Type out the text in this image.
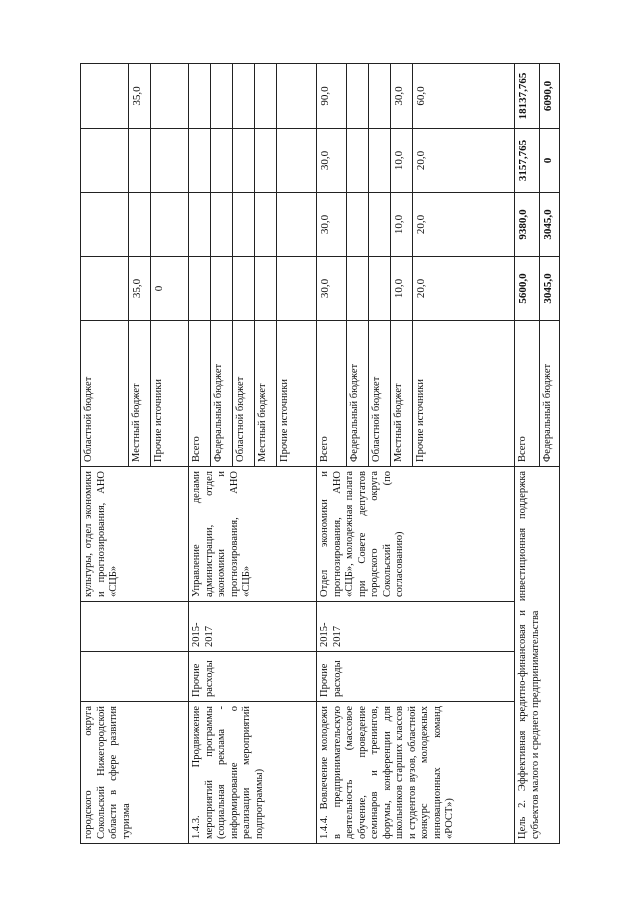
городского округа Сокольский Нижегородской области в сфере развития туризма			культуры, отдел экономики и прогнозирования, АНО «СЦБ»	Областной бюджет				
				Местный бюджет	35,0			35,0
				Прочие источники	0			
1.4.3. Продвижение мероприятий программы (социальная реклама - информирование о реализации мероприятий подпрограммы)	Прочие расходы	2015-2017	Управление делами администрации, отдел экономики и прогнозирования, АНО «СЦБ»	Всего				
				Федеральный бюджет				
				Областной бюджет				
				Местный бюджет				
				Прочие источники				
1.4.4. Вовлечение молодежи в предпринимательскую деятельность (массовое обучение, проведение семинаров и тренингов, форумы, конференции для школьников старших классов и студентов вузов, областной конкурс молодежных инновационных команд «РОСТ»)	Прочие расходы	2015-2017	Отдел экономики и прогнозирования, АНО «СЦБ», молодежная палата при Совете депутатов городского округа Сокольский (по согласованию)	Всего	30,0	30,0	30,0	90,0
				Федеральный бюджет				
				Областной бюджет				
				Местный бюджет	10,0	10,0	10,0	30,0
				Прочие источники	20,0	20,0	20,0	60,0
Цель 2. Эффективная кредитно-финансовая и инвестиционная поддержка субъектов малого и среднего предпринимательства				Всего	5600,0	9380,0	3157,765	18137,765
				Федеральный бюджет	3045,0	3045,0	0	6090,0
